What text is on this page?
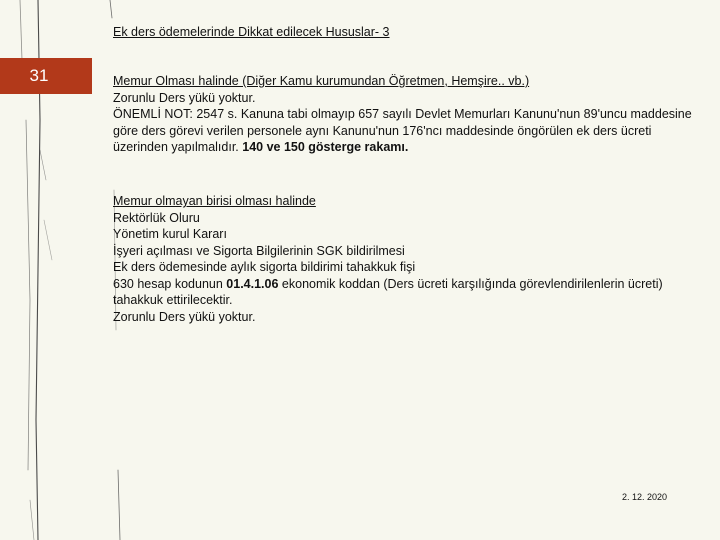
31
Ek ders ödemelerinde Dikkat edilecek Hususlar- 3

Memur Olması halinde (Diğer Kamu kurumundan Öğretmen, Hemşire.. vb.)

Zorunlu Ders yükü yoktur.

ÖNEMLİ NOT: 2547 s. Kanuna tabi olmayıp 657 sayılı Devlet Memurları Kanunu'nun 89'uncu maddesine göre ders görevi verilen personele aynı Kanunu'nun 176'ncı maddesinde öngörülen ek ders ücreti üzerinden yapılmalıdır. 140 ve 150 gösterge rakamı.

Memur olmayan birisi olması halinde

Rektörlük Oluru

Yönetim kurul Kararı

İşyeri açılması ve Sigorta Bilgilerinin SGK bildirilmesi

Ek ders ödemesinde aylık sigorta bildirimi tahakkuk fişi

630 hesap kodunun 01.4.1.06 ekonomik koddan (Ders ücreti karşılığında görevlendirilenlerin ücreti) tahakkuk ettirilecektir.

Zorunlu Ders yükü yoktur.

2. 12. 2020
